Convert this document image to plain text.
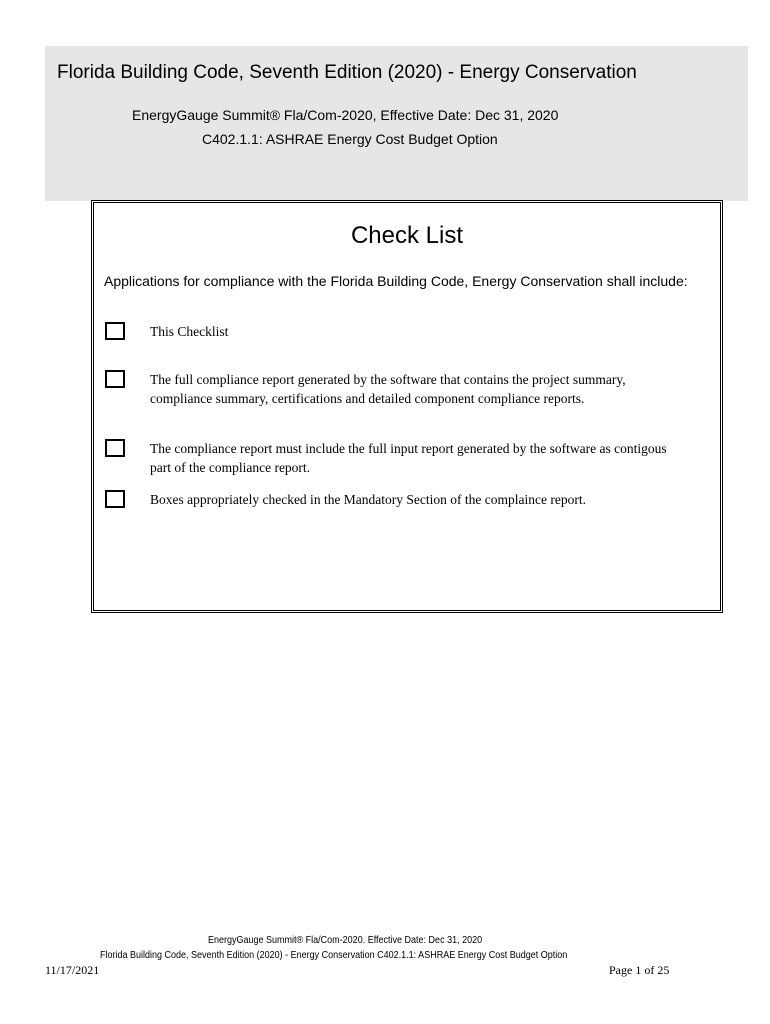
Florida Building Code, Seventh Edition (2020) - Energy Conservation
EnergyGauge Summit® Fla/Com-2020, Effective Date: Dec 31, 2020
C402.1.1: ASHRAE Energy Cost Budget Option
Check List
Applications for compliance with the Florida Building Code, Energy Conservation shall include:
This Checklist
The full compliance report generated by the software that contains the project summary, compliance summary, certifications and detailed component compliance reports.
The compliance report must include the full input report generated by the software as contigous part of the compliance report.
Boxes appropriately checked in the Mandatory Section of the complaince report.
EnergyGauge Summit® Fla/Com-2020. Effective Date: Dec 31, 2020
Florida Building Code, Seventh Edition (2020) - Energy Conservation C402.1.1: ASHRAE Energy Cost Budget Option
11/17/2021	Page 1 of 25
